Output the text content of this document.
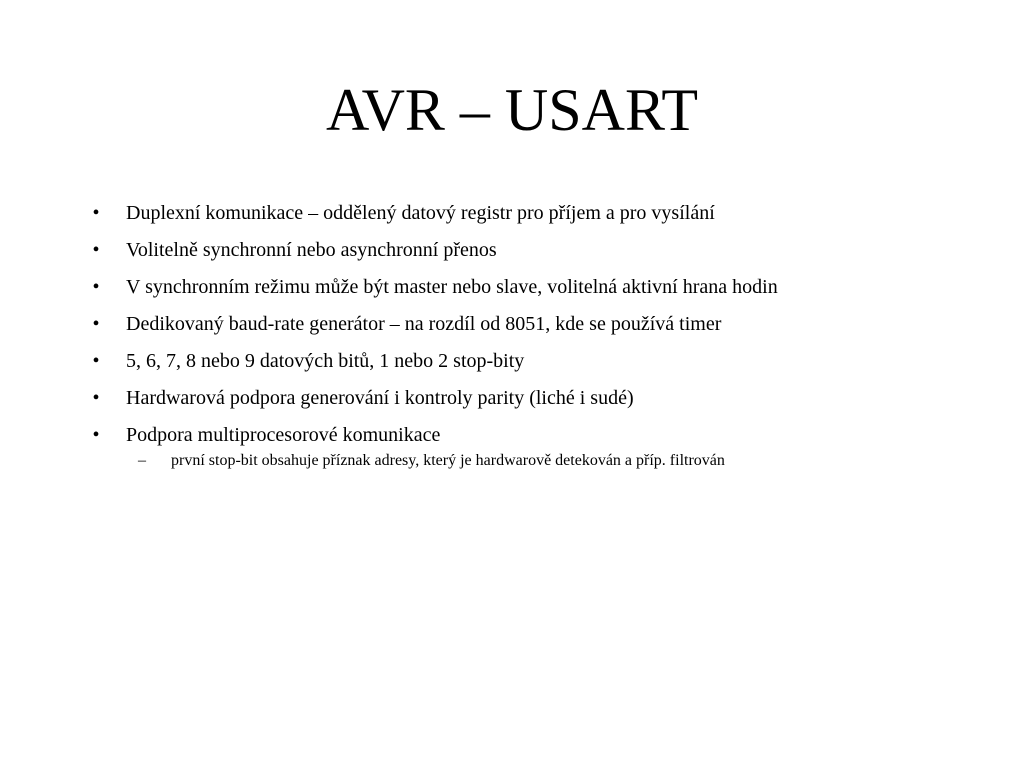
AVR – USART
•	Duplexní komunikace – oddělený datový registr pro příjem a pro vysílání
•	Volitelně synchronní nebo asynchronní přenos
•	V synchronním režimu může být master nebo slave, volitelná aktivní hrana hodin
•	Dedikovaný baud-rate generátor – na rozdíl od 8051, kde se používá timer
•	5, 6, 7, 8 nebo 9 datových bitů, 1 nebo 2 stop-bity
•	Hardwarová podpora generování i kontroly parity (liché i sudé)
•	Podpora multiprocesorové komunikace
– první stop-bit obsahuje příznak adresy, který je hardwarově detekován a příp. filtrován
